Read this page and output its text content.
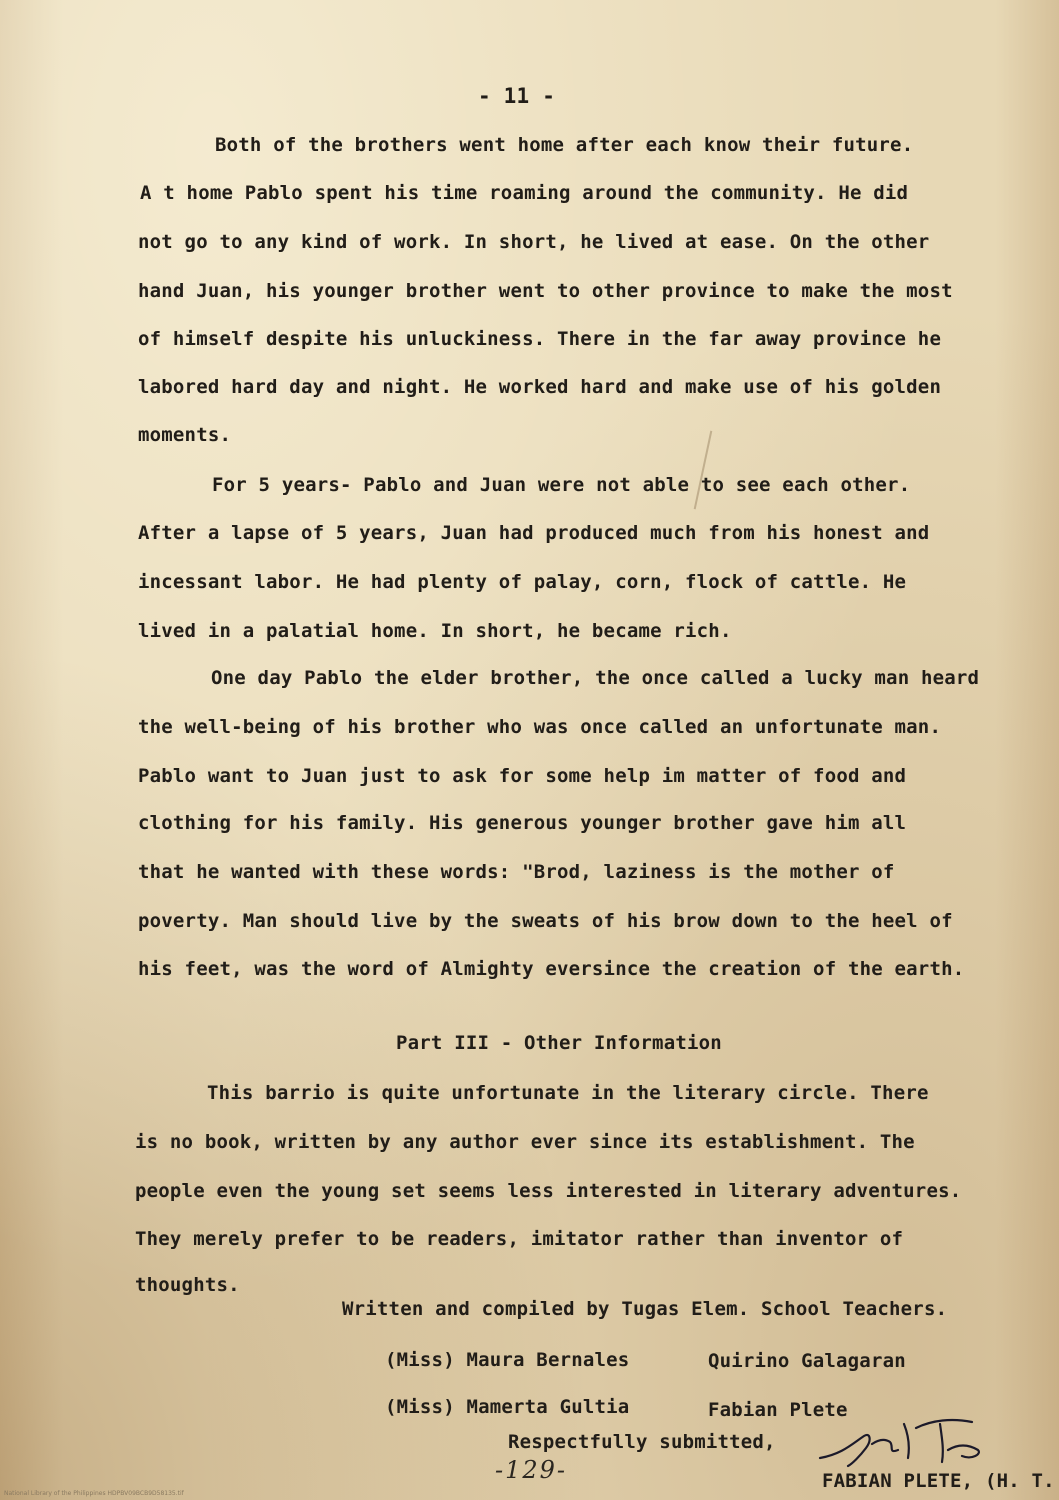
- 11 -
Both of the brothers went home after each know their future.
A t home Pablo spent his time roaming around the community. He did
not go to any kind of work. In short, he lived at ease. On the other
hand Juan, his younger brother went to other province to make the most
of himself despite his unluckiness. There in the far away province he
labored hard day and night. He worked hard and make use of his golden
moments.
For 5 years- Pablo and Juan were not able to see each other.
After a lapse of 5 years, Juan had produced much from his honest and
incessant labor. He had plenty of palay, corn, flock of cattle. He
lived in a palatial home. In short, he became rich.
One day Pablo the elder brother, the once called a lucky man heard
the well-being of his brother who was once called an unfortunate man.
Pablo want to Juan just to ask for some help im matter of food and
clothing for his family. His generous younger brother gave him all
that he wanted with these words: "Brod, laziness is the mother of
poverty. Man should live by the sweats of his brow down to the heel of
his feet, was the word of Almighty eversince the creation of the earth.
Part III - Other Information
This barrio is quite unfortunate in the literary circle. There
is no book, written by any author ever since its establishment. The
people even the young set seems less interested in literary adventures.
They merely prefer to be readers, imitator rather than inventor of
thoughts.
Written and compiled by Tugas Elem. School Teachers.
(Miss) Maura Bernales	Quirino Galagaran
(Miss) Mamerta Gultia	Fabian Plete
Respectfully submitted,
-129-	FABIAN PLETE, (H. T.
National Library of the Philippines HDPBV09BCB9D58135.tif
